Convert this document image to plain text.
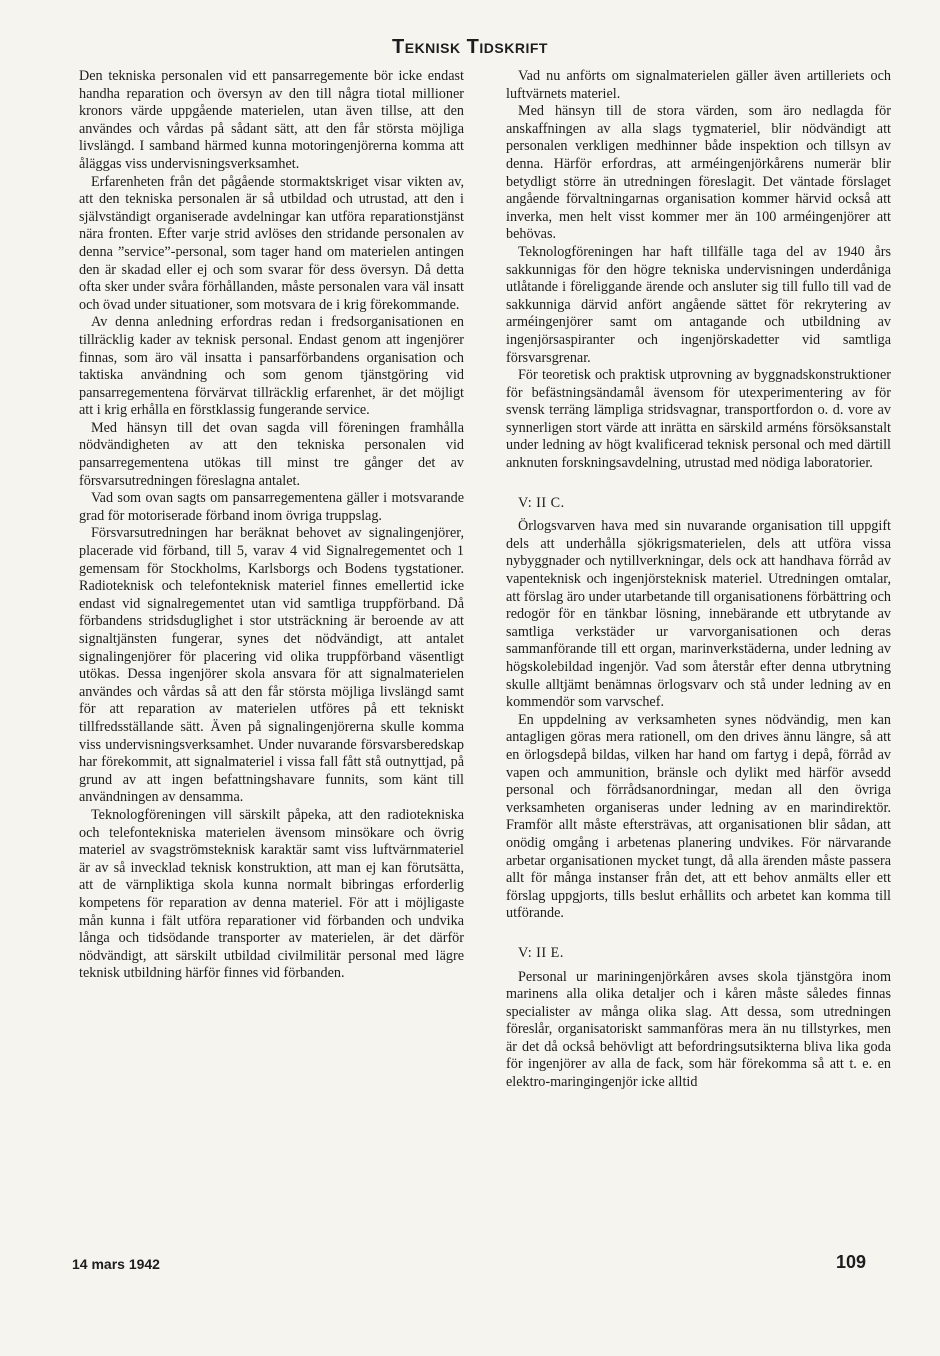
Teknisk Tidskrift

Den tekniska personalen vid ett pansarregemente bör icke endast handha reparation och översyn av den till några tiotal millioner kronors värde uppgående materielen, utan även tillse, att den användes och vårdas på sådant sätt, att den får största möjliga livslängd. I samband härmed kunna motoringenjörerna komma att åläggas viss undervisningsverksamhet.

Erfarenheten från det pågående stormaktskriget visar vikten av, att den tekniska personalen är så utbildad och utrustad, att den i självständigt organiserade avdelningar kan utföra reparationstjänst nära fronten. Efter varje strid avlöses den stridande personalen av denna ”service”-personal, som tager hand om materielen antingen den är skadad eller ej och som svarar för dess översyn. Då detta ofta sker under svåra förhållanden, måste personalen vara väl insatt och övad under situationer, som motsvara de i krig förekommande.

Av denna anledning erfordras redan i fredsorganisationen en tillräcklig kader av teknisk personal. Endast genom att ingenjörer finnas, som äro väl insatta i pansarförbandens organisation och taktiska användning och som genom tjänstgöring vid pansarregementena förvärvat tillräcklig erfarenhet, är det möjligt att i krig erhålla en förstklassig fungerande service.

Med hänsyn till det ovan sagda vill föreningen framhålla nödvändigheten av att den tekniska personalen vid pansarregementena utökas till minst tre gånger det av försvarsutredningen föreslagna antalet.

Vad som ovan sagts om pansarregementena gäller i motsvarande grad för motoriserade förband inom övriga truppslag.

Försvarsutredningen har beräknat behovet av signalingenjörer, placerade vid förband, till 5, varav 4 vid Signalregementet och 1 gemensam för Stockholms, Karlsborgs och Bodens tygstationer. Radioteknisk och telefonteknisk materiel finnes emellertid icke endast vid signalregementet utan vid samtliga truppförband. Då förbandens stridsduglighet i stor utsträckning är beroende av att signaltjänsten fungerar, synes det nödvändigt, att antalet signalingenjörer för placering vid olika truppförband väsentligt utökas. Dessa ingenjörer skola ansvara för att signalmaterielen användes och vårdas så att den får största möjliga livslängd samt för att reparation av materielen utföres på ett tekniskt tillfredsställande sätt. Även på signalingenjörerna skulle komma viss undervisningsverksamhet. Under nuvarande försvarsberedskap har förekommit, att signalmateriel i vissa fall fått stå outnyttjad, på grund av att ingen befattningshavare funnits, som känt till användningen av densamma.

Teknologföreningen vill särskilt påpeka, att den radiotekniska och telefontekniska materielen ävensom minsökare och övrig materiel av svagströmsteknisk karaktär samt viss luftvärnmateriel är av så invecklad teknisk konstruktion, att man ej kan förutsätta, att de värnpliktiga skola kunna normalt bibringas erforderlig kompetens för reparation av denna materiel. För att i möjligaste mån kunna i fält utföra reparationer vid förbanden och undvika långa och tidsödande transporter av materielen, är det därför nödvändigt, att särskilt utbildad civilmilitär personal med lägre teknisk utbildning härför finnes vid förbanden.

Vad nu anförts om signalmaterielen gäller även artilleriets och luftvärnets materiel.

Med hänsyn till de stora värden, som äro nedlagda för anskaffningen av alla slags tygmateriel, blir nödvändigt att personalen verkligen medhinner både inspektion och tillsyn av denna. Härför erfordras, att arméingenjörkårens numerär blir betydligt större än utredningen föreslagit. Det väntade förslaget angående förvaltningarnas organisation kommer härvid också att inverka, men helt visst kommer mer än 100 arméingenjörer att behövas.

Teknologföreningen har haft tillfälle taga del av 1940 års sakkunnigas för den högre tekniska undervisningen underdåniga utlåtande i föreliggande ärende och ansluter sig till fullo till vad de sakkunniga därvid anfört angående sättet för rekrytering av arméingenjörer samt om antagande och utbildning av ingenjörsaspiranter och ingenjörskadetter vid samtliga försvarsgrenar.

För teoretisk och praktisk utprovning av byggnadskonstruktioner för befästningsändamål ävensom för utexperimentering av för svensk terräng lämpliga stridsvagnar, transportfordon o. d. vore av synnerligen stort värde att inrätta en särskild arméns försöksanstalt under ledning av högt kvalificerad teknisk personal och med därtill anknuten forskningsavdelning, utrustad med nödiga laboratorier.

V: II C.

Örlogsvarven hava med sin nuvarande organisation till uppgift dels att underhålla sjökrigsmaterielen, dels att utföra vissa nybyggnader och nytillverkningar, dels ock att handhava förråd av vapenteknisk och ingenjörsteknisk materiel. Utredningen omtalar, att förslag äro under utarbetande till organisationens förbättring och redogör för en tänkbar lösning, innebärande ett utbrytande av samtliga verkstäder ur varvorganisationen och deras sammanförande till ett organ, marinverkstäderna, under ledning av högskolebildad ingenjör. Vad som återstår efter denna utbrytning skulle alltjämt benämnas örlogsvarv och stå under ledning av en kommendör som varvschef.

En uppdelning av verksamheten synes nödvändig, men kan antagligen göras mera rationell, om den drives ännu längre, så att en örlogsdepå bildas, vilken har hand om fartyg i depå, förråd av vapen och ammunition, bränsle och dylikt med härför avsedd personal och förrådsanordningar, medan all den övriga verksamheten organiseras under ledning av en marindirektör. Framför allt måste eftersträvas, att organisationen blir sådan, att onödig omgång i arbetenas planering undvikes. För närvarande arbetar organisationen mycket tungt, då alla ärenden måste passera allt för många instanser från det, att ett behov anmälts eller ett förslag uppgjorts, tills beslut erhållits och arbetet kan komma till utförande.

V: II E.

Personal ur mariningenjörkåren avses skola tjänstgöra inom marinens alla olika detaljer och i kåren måste således finnas specialister av många olika slag. Att dessa, som utredningen föreslår, organisatoriskt sammanföras mera än nu tillstyrkes, men är det då också behövligt att befordringsutsikterna bliva lika goda för ingenjörer av alla de fack, som här förekomma så att t. e. en elektro-maringingenjör icke alltid

14 mars 1942	109
